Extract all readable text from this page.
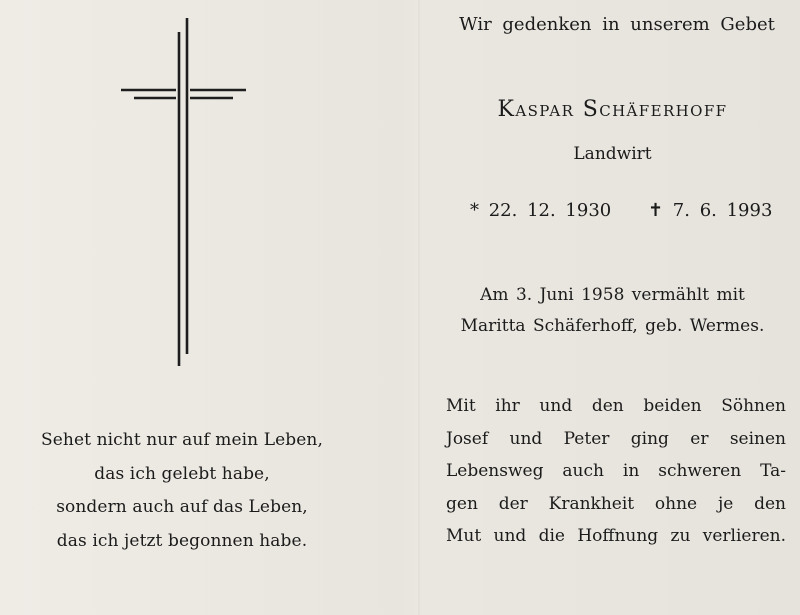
Sehet nicht nur auf mein Leben,
das ich gelebt habe,
sondern auch auf das Leben,
das ich jetzt begonnen habe.
Wir gedenken in unserem Gebet
Kaspar Schäferhoff
Landwirt
* 22. 12. 1930 ✝ 7. 6. 1993
Am 3. Juni 1958 vermählt mit
Maritta Schäferhoff, geb. Wermes.
Mit ihr und den beiden Söhnen
Josef und Peter ging er seinen
Lebensweg auch in schweren Ta-
gen der Krankheit ohne je den
Mut und die Hoffnung zu verlieren.
